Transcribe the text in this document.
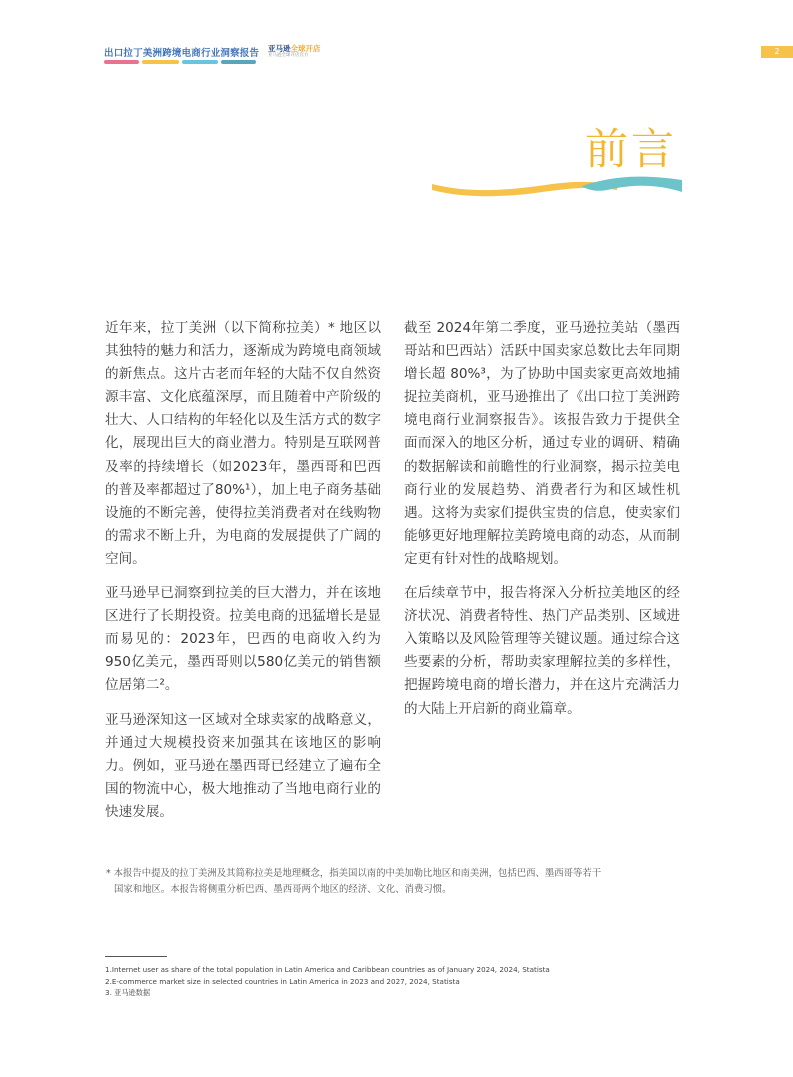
出口拉丁美洲跨境电商行业洞察报告 亚马逊全球开店
亚马逊全球开店官方	2
前言

近年来，拉丁美洲（以下简称拉美）* 地区以其独特的魅力和活力，逐渐成为跨境电商领域的新焦点。这片古老而年轻的大陆不仅自然资源丰富、文化底蕴深厚，而且随着中产阶级的壮大、人口结构的年轻化以及生活方式的数字化，展现出巨大的商业潜力。特别是互联网普及率的持续增长（如2023年，墨西哥和巴西的普及率都超过了80%¹），加上电子商务基础设施的不断完善，使得拉美消费者对在线购物的需求不断上升，为电商的发展提供了广阔的空间。

亚马逊早已洞察到拉美的巨大潜力，并在该地区进行了长期投资。拉美电商的迅猛增长是显而易见的：2023年，巴西的电商收入约为950亿美元，墨西哥则以580亿美元的销售额位居第二²。

亚马逊深知这一区域对全球卖家的战略意义，并通过大规模投资来加强其在该地区的影响力。例如，亚马逊在墨西哥已经建立了遍布全国的物流中心，极大地推动了当地电商行业的快速发展。

截至 2024年第二季度，亚马逊拉美站（墨西哥站和巴西站）活跃中国卖家总数比去年同期增长超 80%³，为了协助中国卖家更高效地捕捉拉美商机，亚马逊推出了《出口拉丁美洲跨境电商行业洞察报告》。该报告致力于提供全面而深入的地区分析，通过专业的调研、精确的数据解读和前瞻性的行业洞察，揭示拉美电商行业的发展趋势、消费者行为和区域性机遇。这将为卖家们提供宝贵的信息，使卖家们能够更好地理解拉美跨境电商的动态，从而制定更有针对性的战略规划。

在后续章节中，报告将深入分析拉美地区的经济状况、消费者特性、热门产品类别、区域进入策略以及风险管理等关键议题。通过综合这些要素的分析，帮助卖家理解拉美的多样性，把握跨境电商的增长潜力，并在这片充满活力的大陆上开启新的商业篇章。

* 本报告中提及的拉丁美洲及其简称拉美是地理概念，指美国以南的中美加勒比地区和南美洲，包括巴西、墨西哥等若干
国家和地区。本报告将侧重分析巴西、墨西哥两个地区的经济、文化、消费习惯。
1.Internet user as share of the total population in Latin America and Caribbean countries as of January 2024, 2024, Statista
2.E-commerce market size in selected countries in Latin America in 2023 and 2027, 2024, Statista
3. 亚马逊数据
